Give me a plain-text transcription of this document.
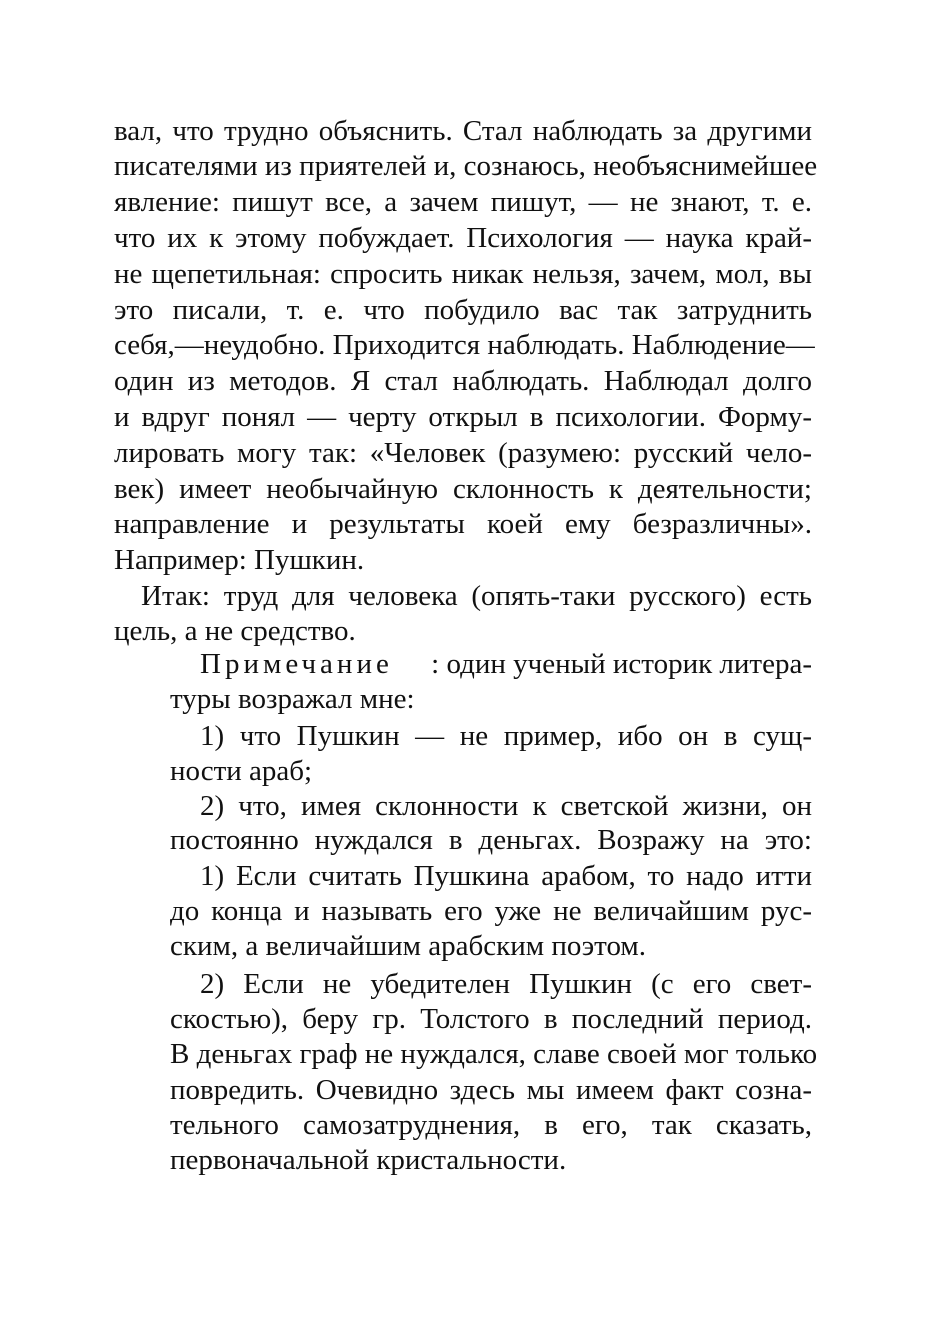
вал, что трудно объяснить. Стал наблюдать за другими
писателями из приятелей и, сознаюсь, необъяснимейшее
явление: пишут все, а зачем пишут, — не знают, т. е.
что их к этому побуждает. Психология — наука край-
не щепетильная: спросить никак нельзя, зачем, мол, вы
это писали, т. е. что побудило вас так затруднить
себя,—неудобно. Приходится наблюдать. Наблюдение—
один из методов. Я стал наблюдать. Наблюдал долго
и вдруг понял — черту открыл в психологии. Форму-
лировать могу так: «Человек (разумею: русский чело-
век) имеет необычайную склонность к деятельности;
направление и результаты коей ему безразличны».
Например: Пушкин.
Итак: труд для человека (опять-таки русского) есть
цель, а не средство.
Примечание : один ученый историк литера-
туры возражал мне:
1) что Пушкин — не пример, ибо он в сущ-
ности араб;
2) что, имея склонности к светской жизни, он
постоянно нуждался в деньгах. Возражу на это:
1) Если считать Пушкина арабом, то надо итти
до конца и называть его уже не величайшим рус-
ским, а величайшим арабским поэтом.
2) Если не убедителен Пушкин (с его свет-
скостью), беру гр. Толстого в последний период.
В деньгах граф не нуждался, славе своей мог только
повредить. Очевидно здесь мы имеем факт созна-
тельного самозатруднения, в его, так сказать,
первоначальной кристальности.
